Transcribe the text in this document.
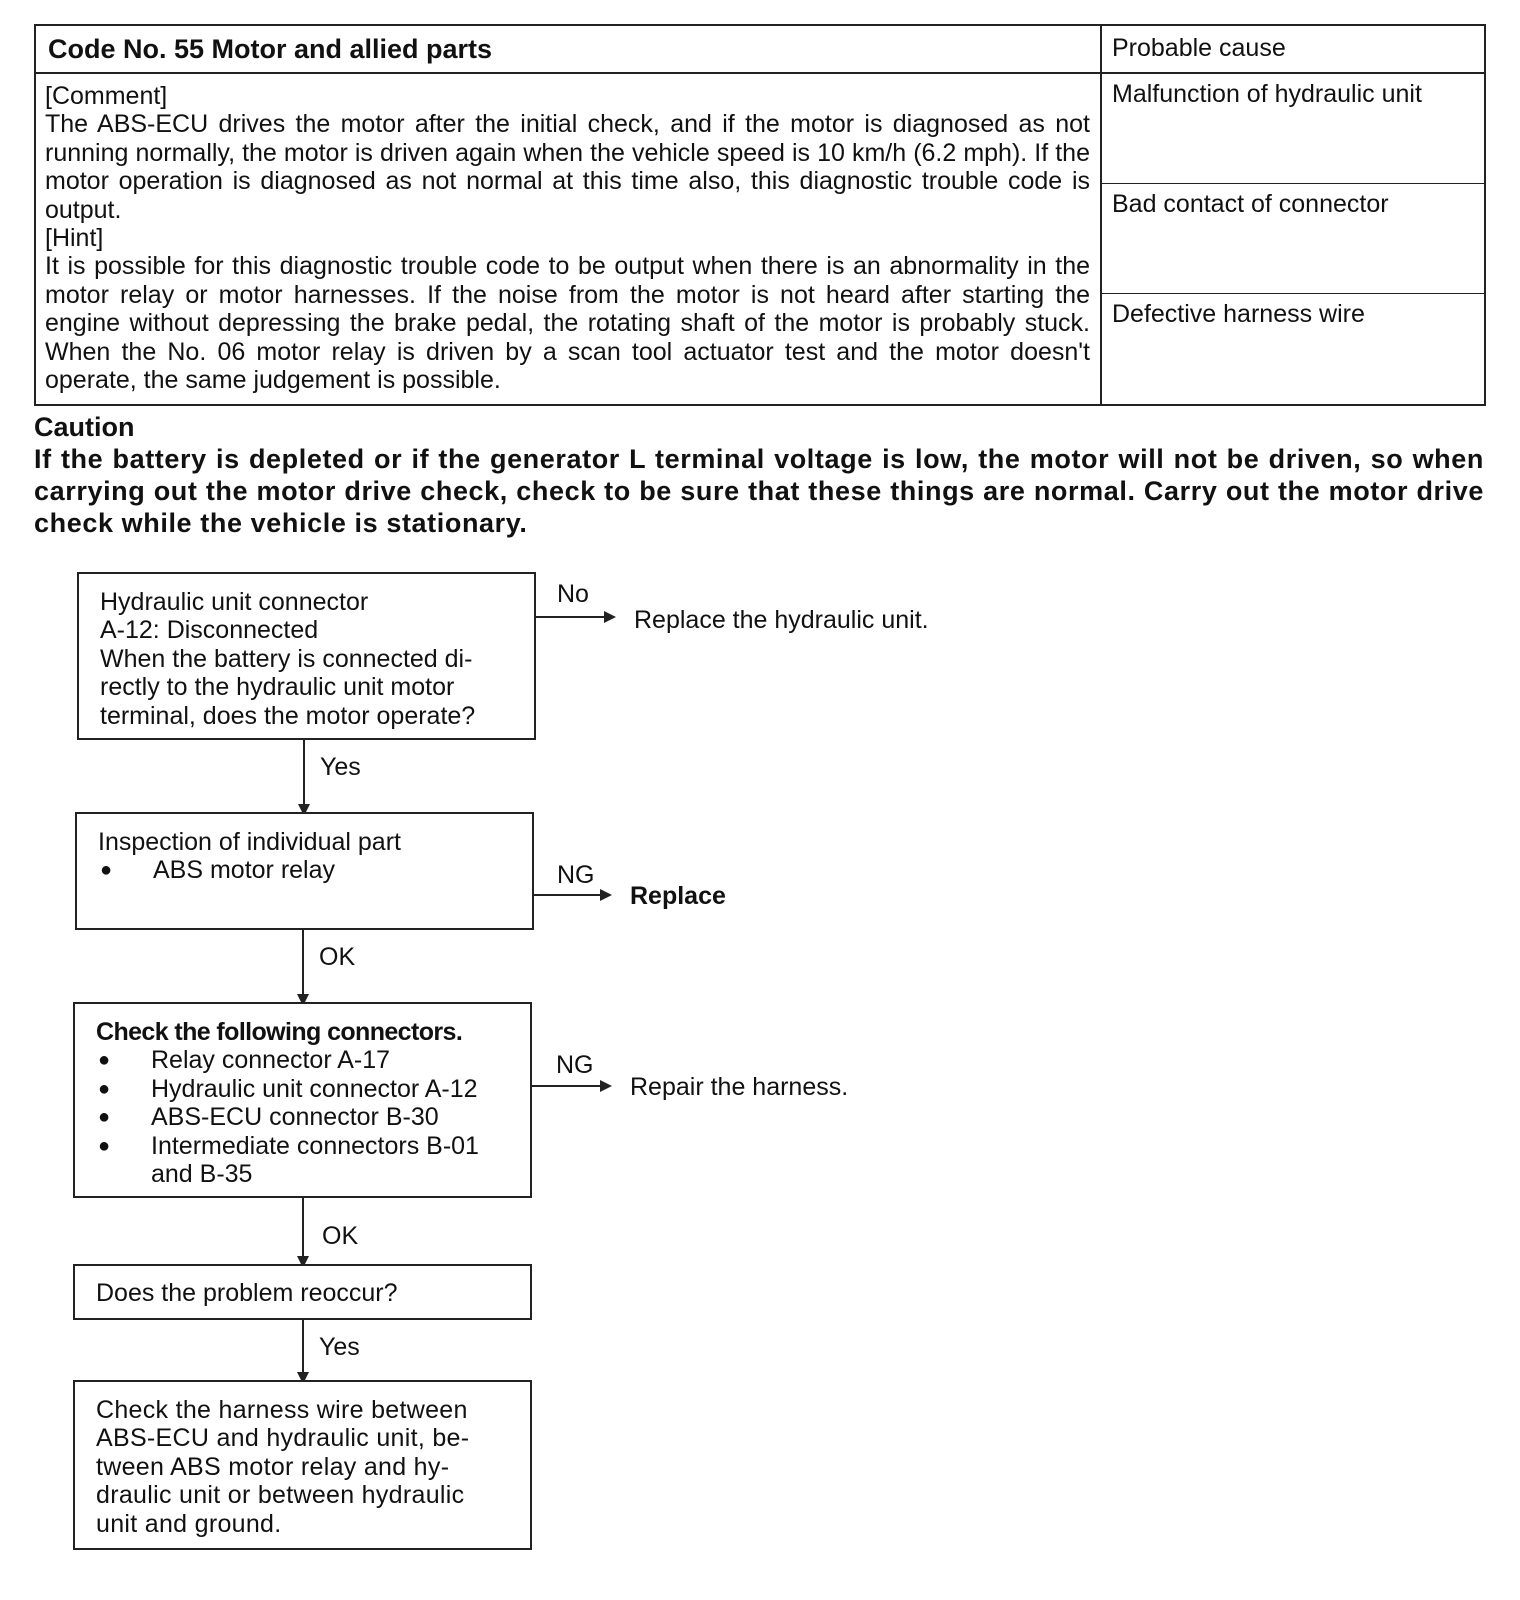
Code No. 55 Motor and allied parts	Probable cause

[Comment]

The ABS-ECU drives the motor after the initial check, and if the motor is diagnosed as not running normally, the motor is driven again when the vehicle speed is 10 km/h (6.2 mph). If the motor operation is diagnosed as not normal at this time also, this diagnostic trouble code is output.

[Hint]

It is possible for this diagnostic trouble code to be output when there is an abnormality in the motor relay or motor harnesses. If the noise from the motor is not heard after starting the engine without depressing the brake pedal, the rotating shaft of the motor is probably stuck. When the No. 06 motor relay is driven by a scan tool actuator test and the motor doesn't operate, the same judgement is possible.

Malfunction of hydraulic unit
Bad contact of connector
Defective harness wire
Caution
If the battery is depleted or if the generator L terminal voltage is low, the motor will not be driven, so when carrying out the motor drive check, check to be sure that these things are normal. Carry out the motor drive check while the vehicle is stationary.
Hydraulic unit connector
A-12: Disconnected
When the battery is connected di-
rectly to the hydraulic unit motor
terminal, does the motor operate?
No
Replace the hydraulic unit.
Yes
Inspection of individual part
● ABS motor relay	NG
Replace
OK
Check the following connectors.
● Relay connector A-17
● Hydraulic unit connector A-12
● ABS-ECU connector B-30
● Intermediate connectors B-01 and B-35
NG
Repair the harness.
OK
Does the problem reoccur?
Yes
Check the harness wire between
ABS-ECU and hydraulic unit, be-
tween ABS motor relay and hy-
draulic unit or between hydraulic
unit and ground.
